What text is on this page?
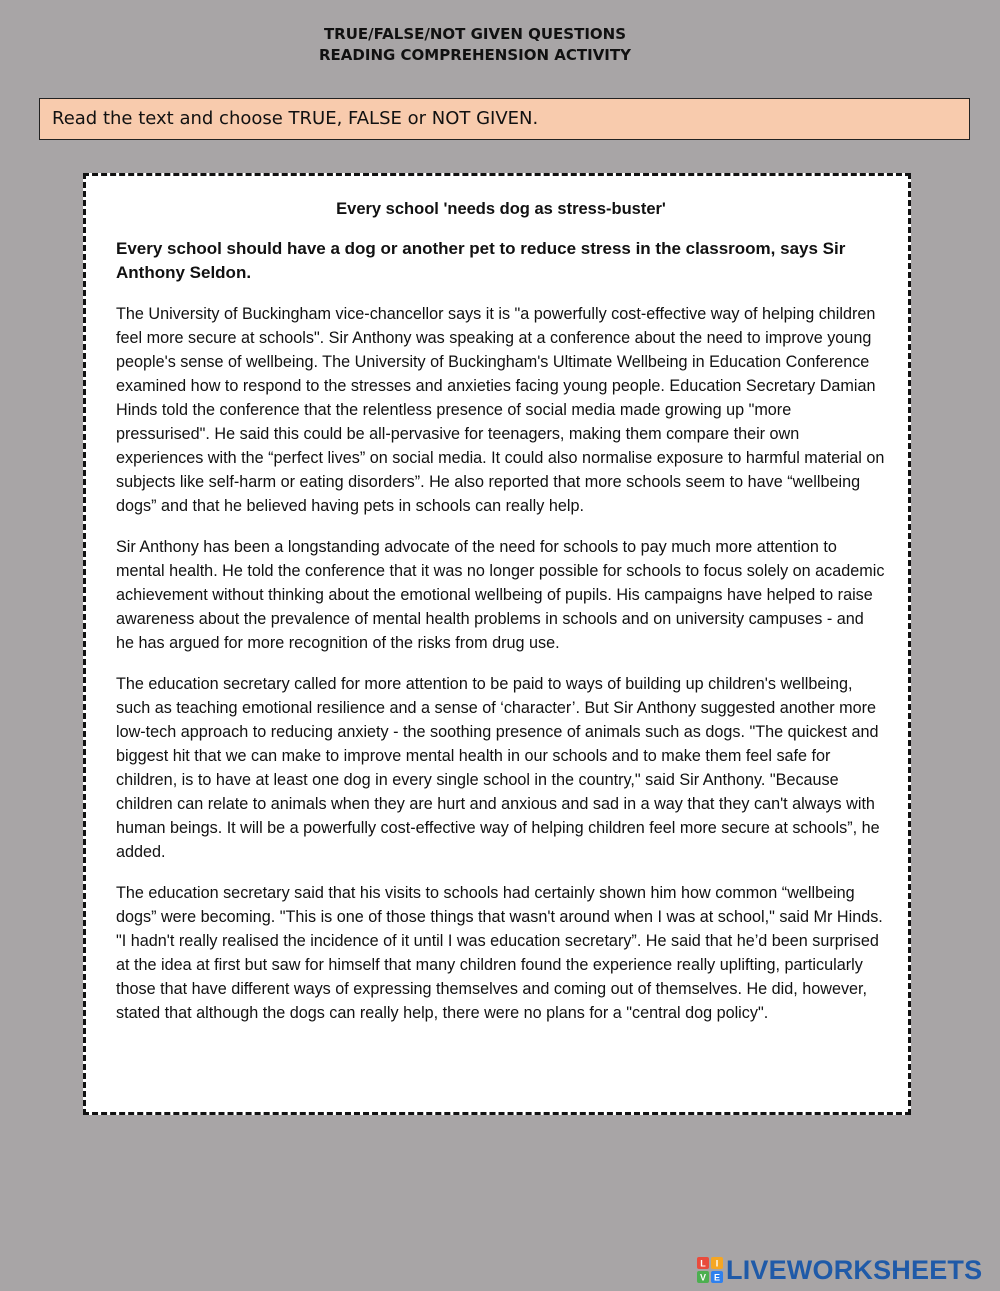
TRUE/FALSE/NOT GIVEN QUESTIONS
READING COMPREHENSION ACTIVITY
Read the text and choose TRUE, FALSE or NOT GIVEN.
Every school 'needs dog as stress-buster'
Every school should have a dog or another pet to reduce stress in the classroom, says Sir Anthony Seldon.

The University of Buckingham vice-chancellor says it is "a powerfully cost-effective way of helping children feel more secure at schools". Sir Anthony was speaking at a conference about the need to improve young people's sense of wellbeing. The University of Buckingham's Ultimate Wellbeing in Education Conference examined how to respond to the stresses and anxieties facing young people. Education Secretary Damian Hinds told the conference that the relentless presence of social media made growing up "more pressurised". He said this could be all-pervasive for teenagers, making them compare their own experiences with the “perfect lives” on social media. It could also normalise exposure to harmful material on subjects like self-harm or eating disorders”. He also reported that more schools seem to have “wellbeing dogs” and that he believed having pets in schools can really help.

Sir Anthony has been a longstanding advocate of the need for schools to pay much more attention to mental health. He told the conference that it was no longer possible for schools to focus solely on academic achievement without thinking about the emotional wellbeing of pupils. His campaigns have helped to raise awareness about the prevalence of mental health problems in schools and on university campuses - and he has argued for more recognition of the risks from drug use.

The education secretary called for more attention to be paid to ways of building up children's wellbeing, such as teaching emotional resilience and a sense of ‘character’. But Sir Anthony suggested another more low-tech approach to reducing anxiety - the soothing presence of animals such as dogs. "The quickest and biggest hit that we can make to improve mental health in our schools and to make them feel safe for children, is to have at least one dog in every single school in the country," said Sir Anthony. "Because children can relate to animals when they are hurt and anxious and sad in a way that they can't always with human beings. It will be a powerfully cost-effective way of helping children feel more secure at schools”, he added.

The education secretary said that his visits to schools had certainly shown him how common “wellbeing dogs” were becoming. "This is one of those things that wasn't around when I was at school," said Mr Hinds. "I hadn't really realised the incidence of it until I was education secretary”. He said that he’d been surprised at the idea at first but saw for himself that many children found the experience really uplifting, particularly those that have different ways of expressing themselves and coming out of themselves. He did, however, stated that although the dogs can really help, there were no plans for a "central dog policy".

L I
V E LIVEWORKSHEETS
